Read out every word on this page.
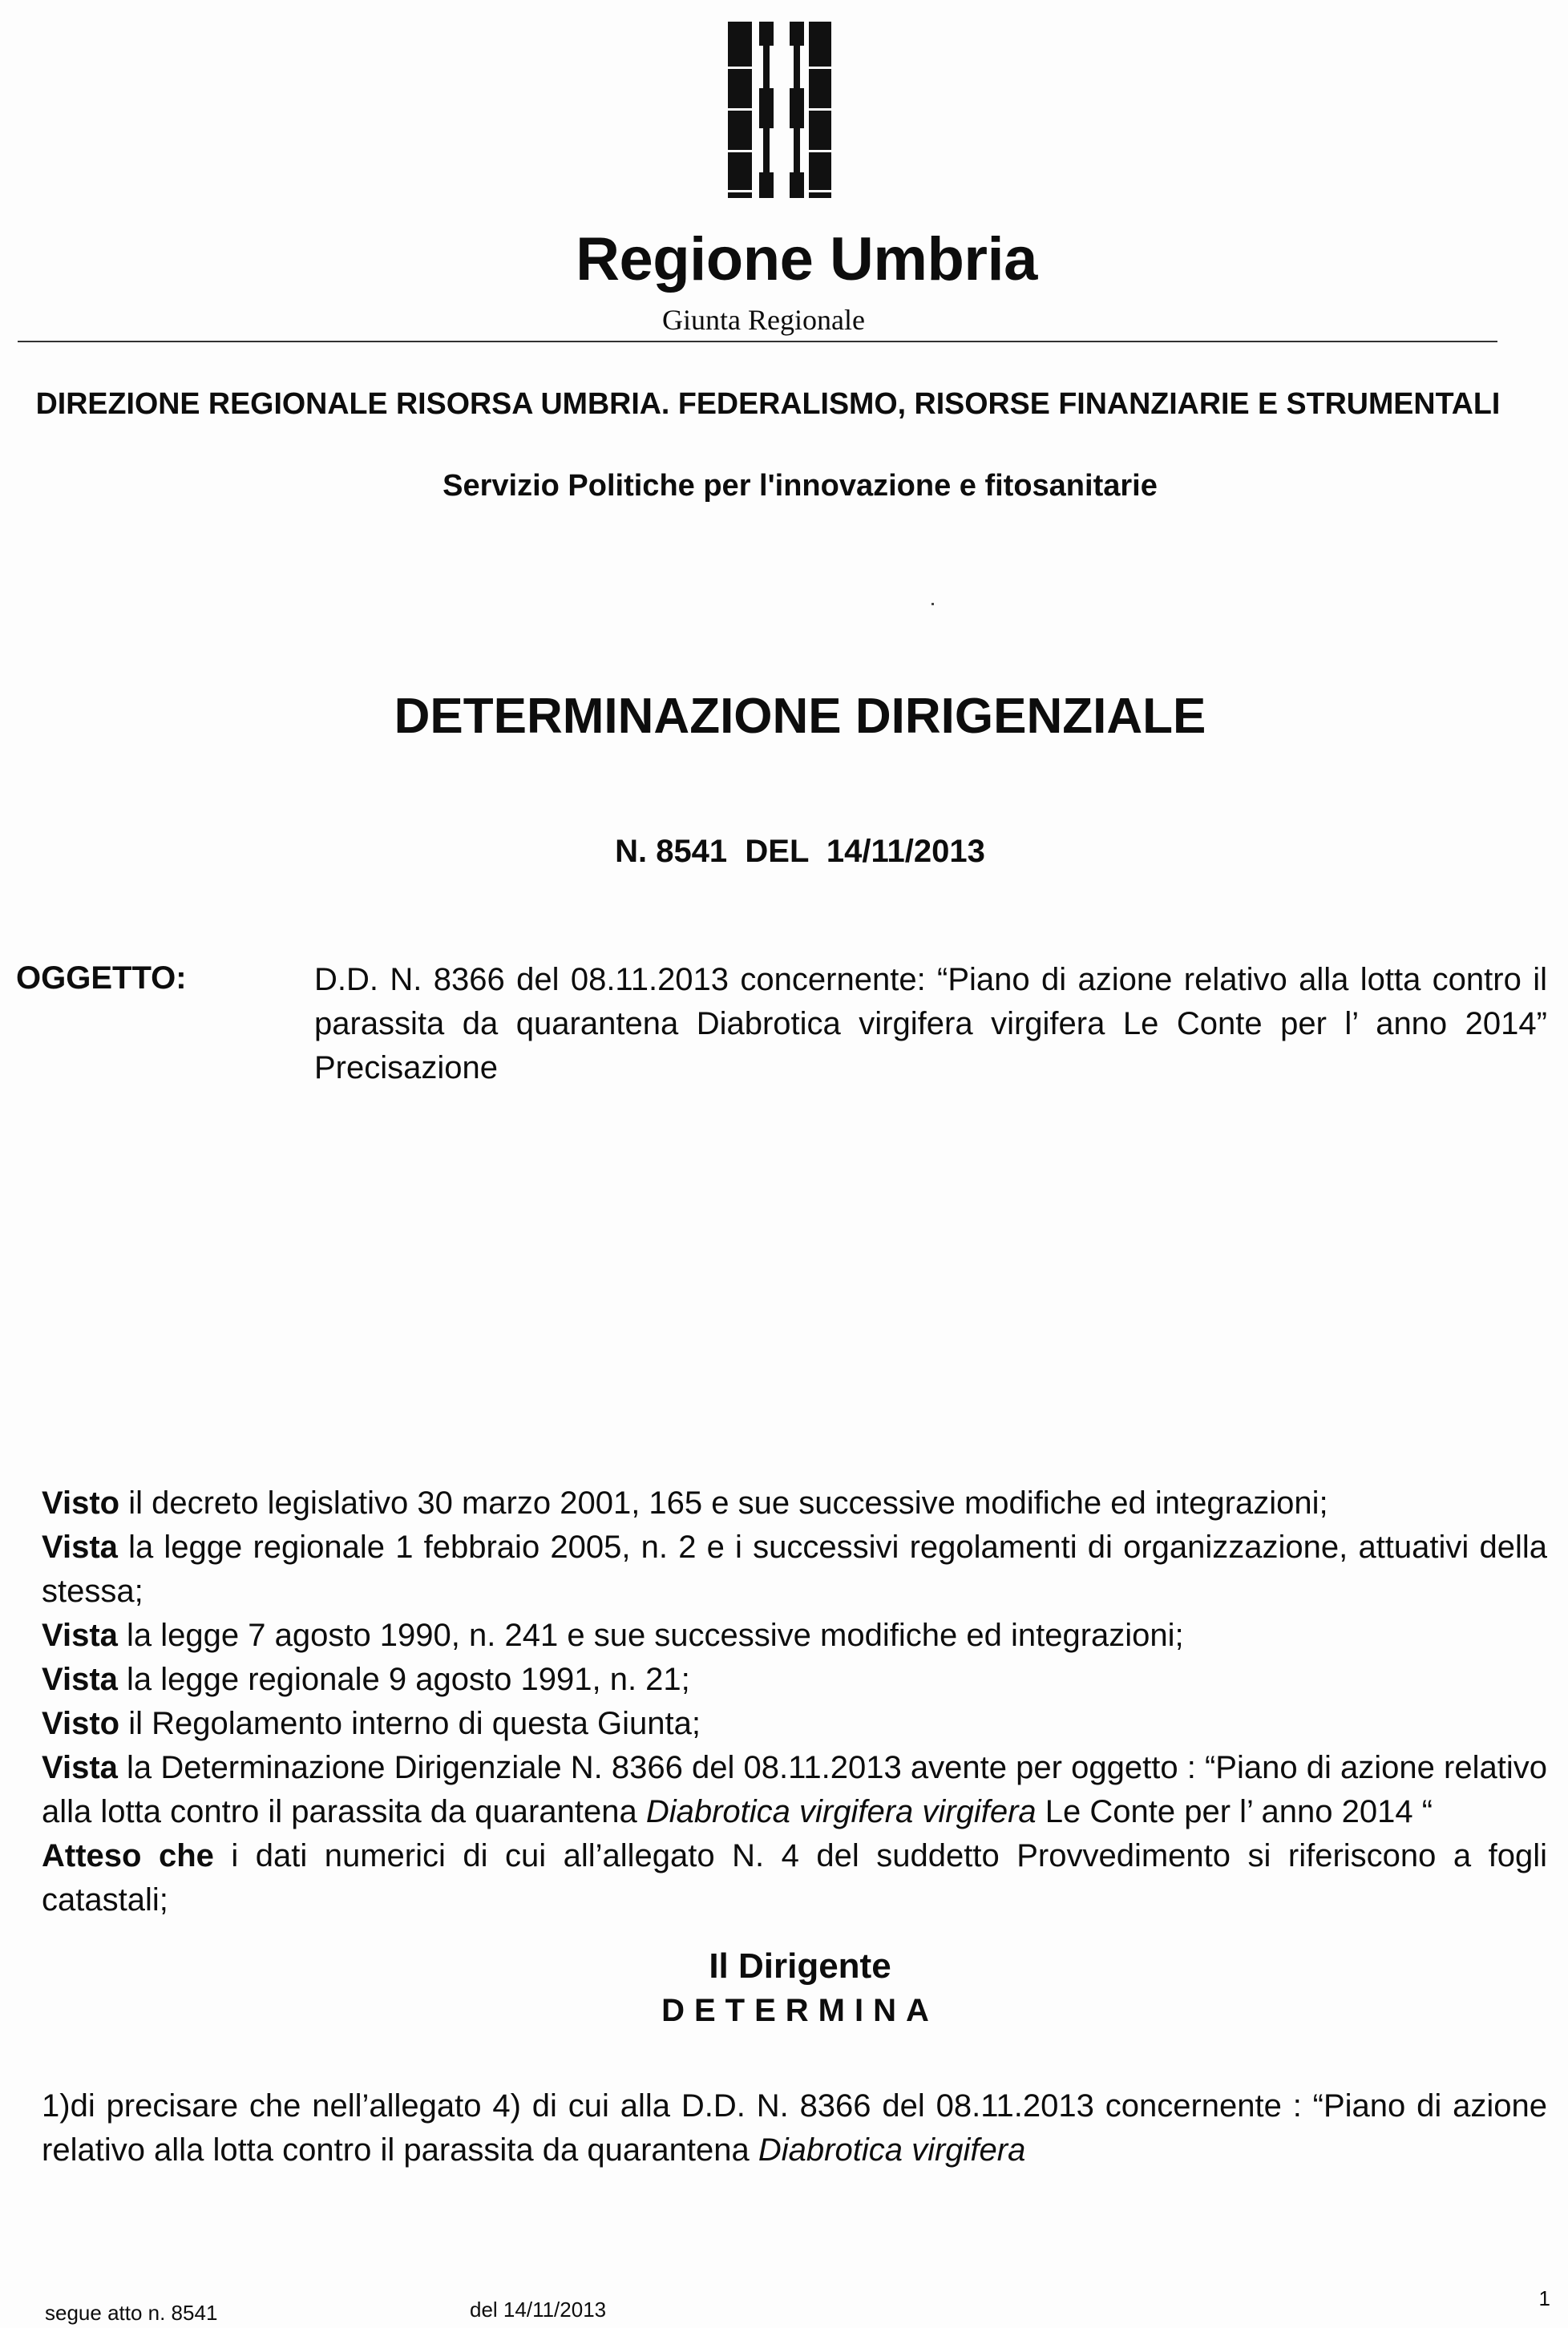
Regione Umbria
Giunta Regionale
DIREZIONE REGIONALE RISORSA UMBRIA. FEDERALISMO, RISORSE FINANZIARIE E STRUMENTALI
Servizio Politiche per l'innovazione e fitosanitarie
DETERMINAZIONE DIRIGENZIALE
N. 8541  DEL  14/11/2013
OGGETTO:	D.D. N. 8366 del 08.11.2013 concernente: “Piano di azione relativo alla lotta contro il parassita da quarantena Diabrotica virgifera virgifera Le Conte per l’ anno 2014” Precisazione

Visto il decreto legislativo 30 marzo 2001, 165 e sue successive modifiche ed integrazioni;

Vista la legge regionale 1 febbraio 2005, n. 2 e i successivi regolamenti di organizzazione, attuativi della stessa;

Vista la legge 7 agosto 1990, n. 241 e sue successive modifiche ed integrazioni;

Vista la legge regionale 9 agosto 1991, n. 21;

Visto il Regolamento interno di questa Giunta;

Vista la Determinazione Dirigenziale N. 8366 del 08.11.2013 avente per oggetto : “Piano di azione relativo alla lotta contro il parassita da quarantena Diabrotica virgifera virgifera Le Conte per l’ anno 2014 “

Atteso che i dati numerici di cui all’allegato N. 4 del suddetto Provvedimento si riferiscono a fogli catastali;

Il Dirigente
DETERMINA
1)di precisare che nell’allegato 4) di cui alla D.D. N. 8366 del 08.11.2013 concernente : “Piano di azione relativo alla lotta contro il parassita da quarantena Diabrotica virgifera
segue atto n. 8541	del 14/11/2013	1
